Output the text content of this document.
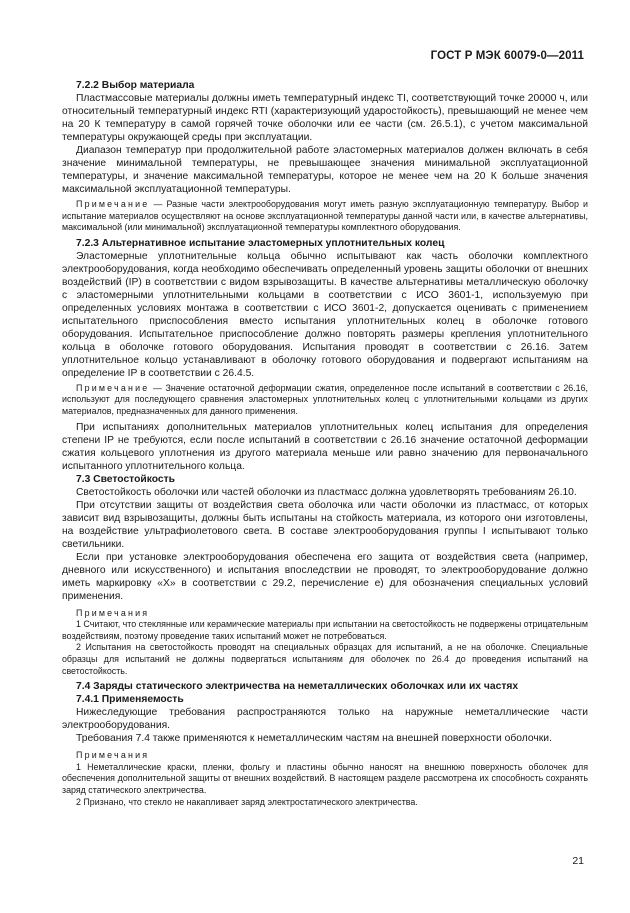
ГОСТ Р МЭК 60079-0—2011

7.2.2 Выбор материала

Пластмассовые материалы должны иметь температурный индекс TI, соответствующий точке 20000 ч, или относительный температурный индекс RTI (характеризующий ударостойкость), превышающий не менее чем на 20 К температуру в самой горячей точке оболочки или ее части (см. 26.5.1), с учетом максимальной температуры окружающей среды при эксплуатации.

Диапазон температур при продолжительной работе эластомерных материалов должен включать в себя значение минимальной температуры, не превышающее значения минимальной эксплуатационной температуры, и значение максимальной температуры, которое не менее чем на 20 К больше значения максимальной эксплуатационной температуры.

Примечание — Разные части электрооборудования могут иметь разную эксплуатационную температуру. Выбор и испытание материалов осуществляют на основе эксплуатационной температуры данной части или, в качестве альтернативы, максимальной (или минимальной) эксплуатационной температуры комплектного оборудования.

7.2.3 Альтернативное испытание эластомерных уплотнительных колец

Эластомерные уплотнительные кольца обычно испытывают как часть оболочки комплектного электрооборудования, когда необходимо обеспечивать определенный уровень защиты оболочки от внешних воздействий (IP) в соответствии с видом взрывозащиты. В качестве альтернативы металлическую оболочку с эластомерными уплотнительными кольцами в соответствии с ИСО 3601-1, используемую при определенных условиях монтажа в соответствии с ИСО 3601-2, допускается оценивать с применением испытательного приспособления вместо испытания уплотнительных колец в оболочке готового оборудования. Испытательное приспособление должно повторять размеры крепления уплотнительного кольца в оболочке готового оборудования. Испытания проводят в соответствии с 26.16. Затем уплотнительное кольцо устанавливают в оболочку готового оборудования и подвергают испытаниям на определение IP в соответствии с 26.4.5.

Примечание — Значение остаточной деформации сжатия, определенное после испытаний в соответствии с 26.16, используют для последующего сравнения эластомерных уплотнительных колец с уплотнительными кольцами из других материалов, предназначенных для данного применения.

При испытаниях дополнительных материалов уплотнительных колец испытания для определения степени IP не требуются, если после испытаний в соответствии с 26.16 значение остаточной деформации сжатия кольцевого уплотнения из другого материала меньше или равно значению для первоначального испытанного уплотнительного кольца.

7.3 Светостойкость

Светостойкость оболочки или частей оболочки из пластмасс должна удовлетворять требованиям 26.10.

При отсутствии защиты от воздействия света оболочка или части оболочки из пластмасс, от которых зависит вид взрывозащиты, должны быть испытаны на стойкость материала, из которого они изготовлены, на воздействие ультрафиолетового света. В составе электрооборудования группы I испытывают только светильники.

Если при установке электрооборудования обеспечена его защита от воздействия света (например, дневного или искусственного) и испытания впоследствии не проводят, то электрооборудование должно иметь маркировку «X» в соответствии с 29.2, перечисление е) для обозначения специальных условий применения.

Примечания

1 Считают, что стеклянные или керамические материалы при испытании на светостойкость не подвержены отрицательным воздействиям, поэтому проведение таких испытаний может не потребоваться.

2 Испытания на светостойкость проводят на специальных образцах для испытаний, а не на оболочке. Специальные образцы для испытаний не должны подвергаться испытаниям для оболочек по 26.4 до проведения испытаний на светостойкость.

7.4 Заряды статического электричества на неметаллических оболочках или их частях

7.4.1 Применяемость

Нижеследующие требования распространяются только на наружные неметаллические части электрооборудования.

Требования 7.4 также применяются к неметаллическим частям на внешней поверхности оболочки.

Примечания

1 Неметаллические краски, пленки, фольгу и пластины обычно наносят на внешнюю поверхность оболочек для обеспечения дополнительной защиты от внешних воздействий. В настоящем разделе рассмотрена их способность сохранять заряд статического электричества.

2 Признано, что стекло не накапливает заряд электростатического электричества.

21
